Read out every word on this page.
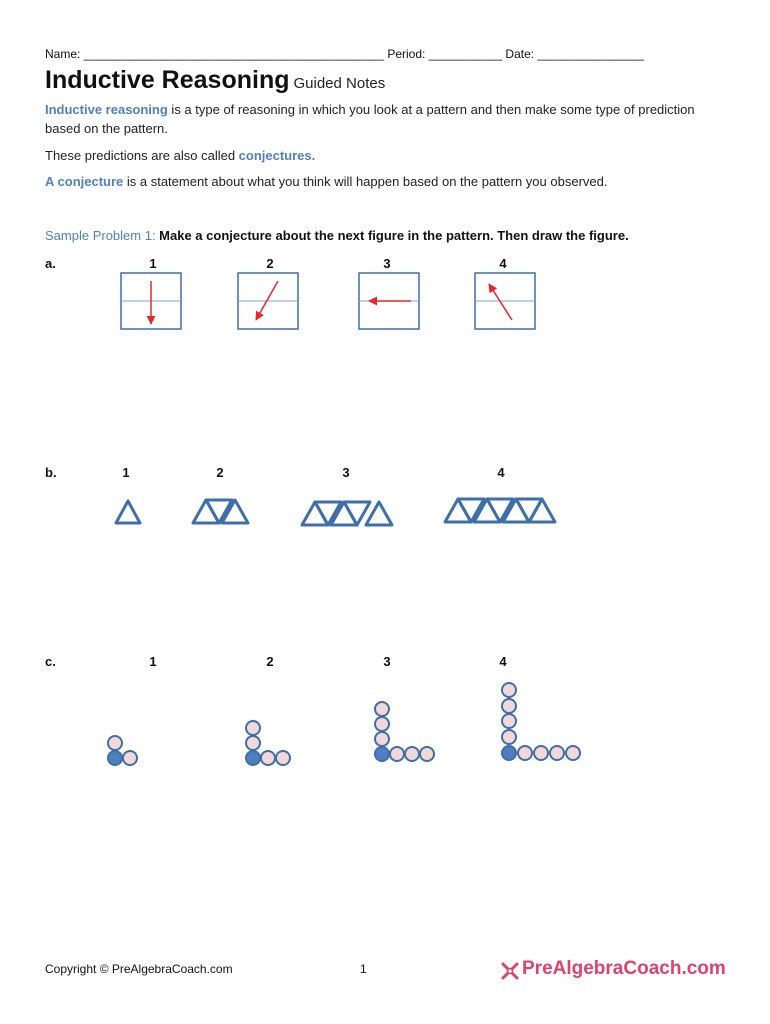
Name: _____________________________________________ Period: ___________ Date: ________________
Inductive Reasoning Guided Notes
Inductive reasoning is a type of reasoning in which you look at a pattern and then make some type of prediction based on the pattern.
These predictions are also called conjectures.
A conjecture is a statement about what you think will happen based on the pattern you observed.
Sample Problem 1: Make a conjecture about the next figure in the pattern. Then draw the figure.
a.	1	2	3	4
b.	1	2	3	4
c.	1	2	3	4
Copyright © PreAlgebraCoach.com	1	PreAlgebraCoach.com
